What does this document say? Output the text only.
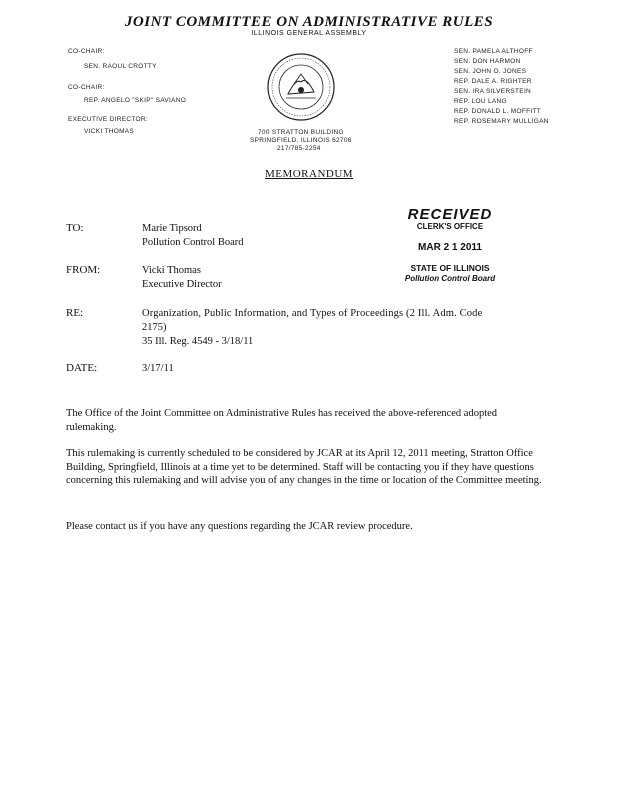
JOINT COMMITTEE ON ADMINISTRATIVE RULES
ILLINOIS GENERAL ASSEMBLY
CO-CHAIR:
SEN. RAOUL CROTTY
CO-CHAIR:
REP. ANGELO "SKIP" SAVIANO
EXECUTIVE DIRECTOR:
VICKI THOMAS	700 STRATTON BUILDING
SPRINGFIELD, ILLINOIS 62706
217/785-2254
SEN. PAMELA ALTHOFF
SEN. DON HARMON
SEN. JOHN O. JONES
REP. DALE A. RIGHTER
SEN. IRA SILVERSTEIN
REP. LOU LANG
REP. DONALD L. MOFFITT
REP. ROSEMARY MULLIGAN
MEMORANDUM
RECEIVED
CLERK'S OFFICE
MAR 2 1 2011
STATE OF ILLINOIS
Pollution Control Board
TO:	Marie Tipsord
Pollution Control Board
FROM:	Vicki Thomas
Executive Director
RE:	Organization, Public Information, and Types of Proceedings (2 Ill. Adm. Code
2175)
35 Ill. Reg. 4549 - 3/18/11
DATE:	3/17/11
The Office of the Joint Committee on Administrative Rules has received the above-referenced adopted rulemaking.
This rulemaking is currently scheduled to be considered by JCAR at its April 12, 2011 meeting, Stratton Office Building, Springfield, Illinois at a time yet to be determined. Staff will be contacting you if they have questions concerning this rulemaking and will advise you of any changes in the time or location of the Committee meeting.
Please contact us if you have any questions regarding the JCAR review procedure.
